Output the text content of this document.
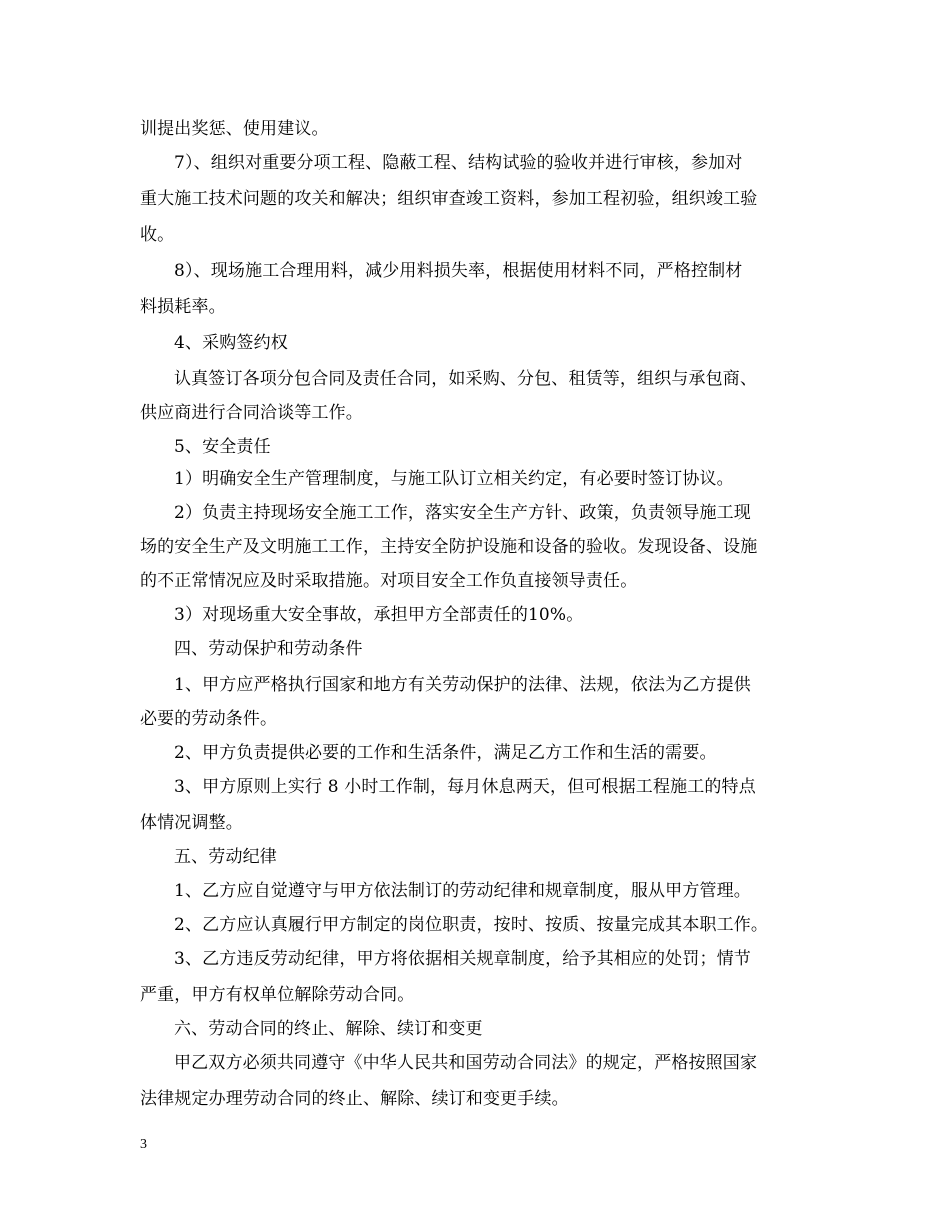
训提出奖惩、使用建议。
7）、组织对重要分项工程、隐蔽工程、结构试验的验收并进行审核，参加对
重大施工技术问题的攻关和解决；组织审查竣工资料，参加工程初验，组织竣工验
收。
8）、现场施工合理用料，减少用料损失率，根据使用材料不同，严格控制材
料损耗率。
4、采购签约权
认真签订各项分包合同及责任合同，如采购、分包、租赁等，组织与承包商、
供应商进行合同洽谈等工作。
5、安全责任
1）明确安全生产管理制度，与施工队订立相关约定，有必要时签订协议。
2）负责主持现场安全施工工作，落实安全生产方针、政策，负责领导施工现
场的安全生产及文明施工工作，主持安全防护设施和设备的验收。发现设备、设施
的不正常情况应及时采取措施。对项目安全工作负直接领导责任。
3）对现场重大安全事故，承担甲方全部责任的10%。
四、劳动保护和劳动条件
1、甲方应严格执行国家和地方有关劳动保护的法律、法规，依法为乙方提供
必要的劳动条件。
2、甲方负责提供必要的工作和生活条件，满足乙方工作和生活的需要。
3、甲方原则上实行 8 小时工作制，每月休息两天，但可根据工程施工的特点
体情况调整。
五、劳动纪律
1、乙方应自觉遵守与甲方依法制订的劳动纪律和规章制度，服从甲方管理。
2、乙方应认真履行甲方制定的岗位职责，按时、按质、按量完成其本职工作。
3、乙方违反劳动纪律，甲方将依据相关规章制度，给予其相应的处罚；情节
严重，甲方有权单位解除劳动合同。
六、劳动合同的终止、解除、续订和变更
甲乙双方必须共同遵守《中华人民共和国劳动合同法》的规定，严格按照国家
法律规定办理劳动合同的终止、解除、续订和变更手续。
3
